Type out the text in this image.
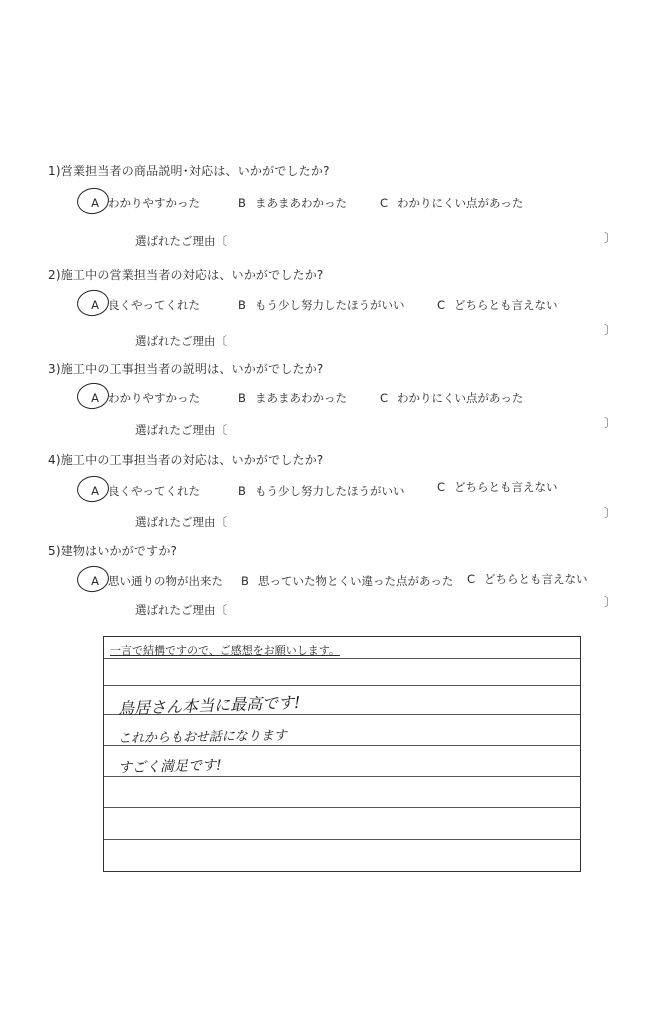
1)営業担当者の商品説明･対応は、いかがでしたか?
A わかりやすかった	B まあまあわかった	C わかりにくい点があった
選ばれたご理由〔	〕
2)施工中の営業担当者の対応は、いかがでしたか?
A 良くやってくれた	B もう少し努力したほうがいい	C どちらとも言えない
選ばれたご理由〔
〕
3)施工中の工事担当者の説明は、いかがでしたか?
A わかりやすかった	B まあまあわかった	C わかりにくい点があった
選ばれたご理由〔	〕
4)施工中の工事担当者の対応は、いかがでしたか?
A 良くやってくれた	B もう少し努力したほうがいい	C どちらとも言えない
選ばれたご理由〔
〕
5)建物はいかがですか?
A 思い通りの物が出来た	B 思っていた物とくい違った点があった	C どちらとも言えない
選ばれたご理由〔
〕
一言で結構ですので、ご感想をお願いします。
鳥居さん本当に最高です!
これからもおせ話になります
すごく満足です!
